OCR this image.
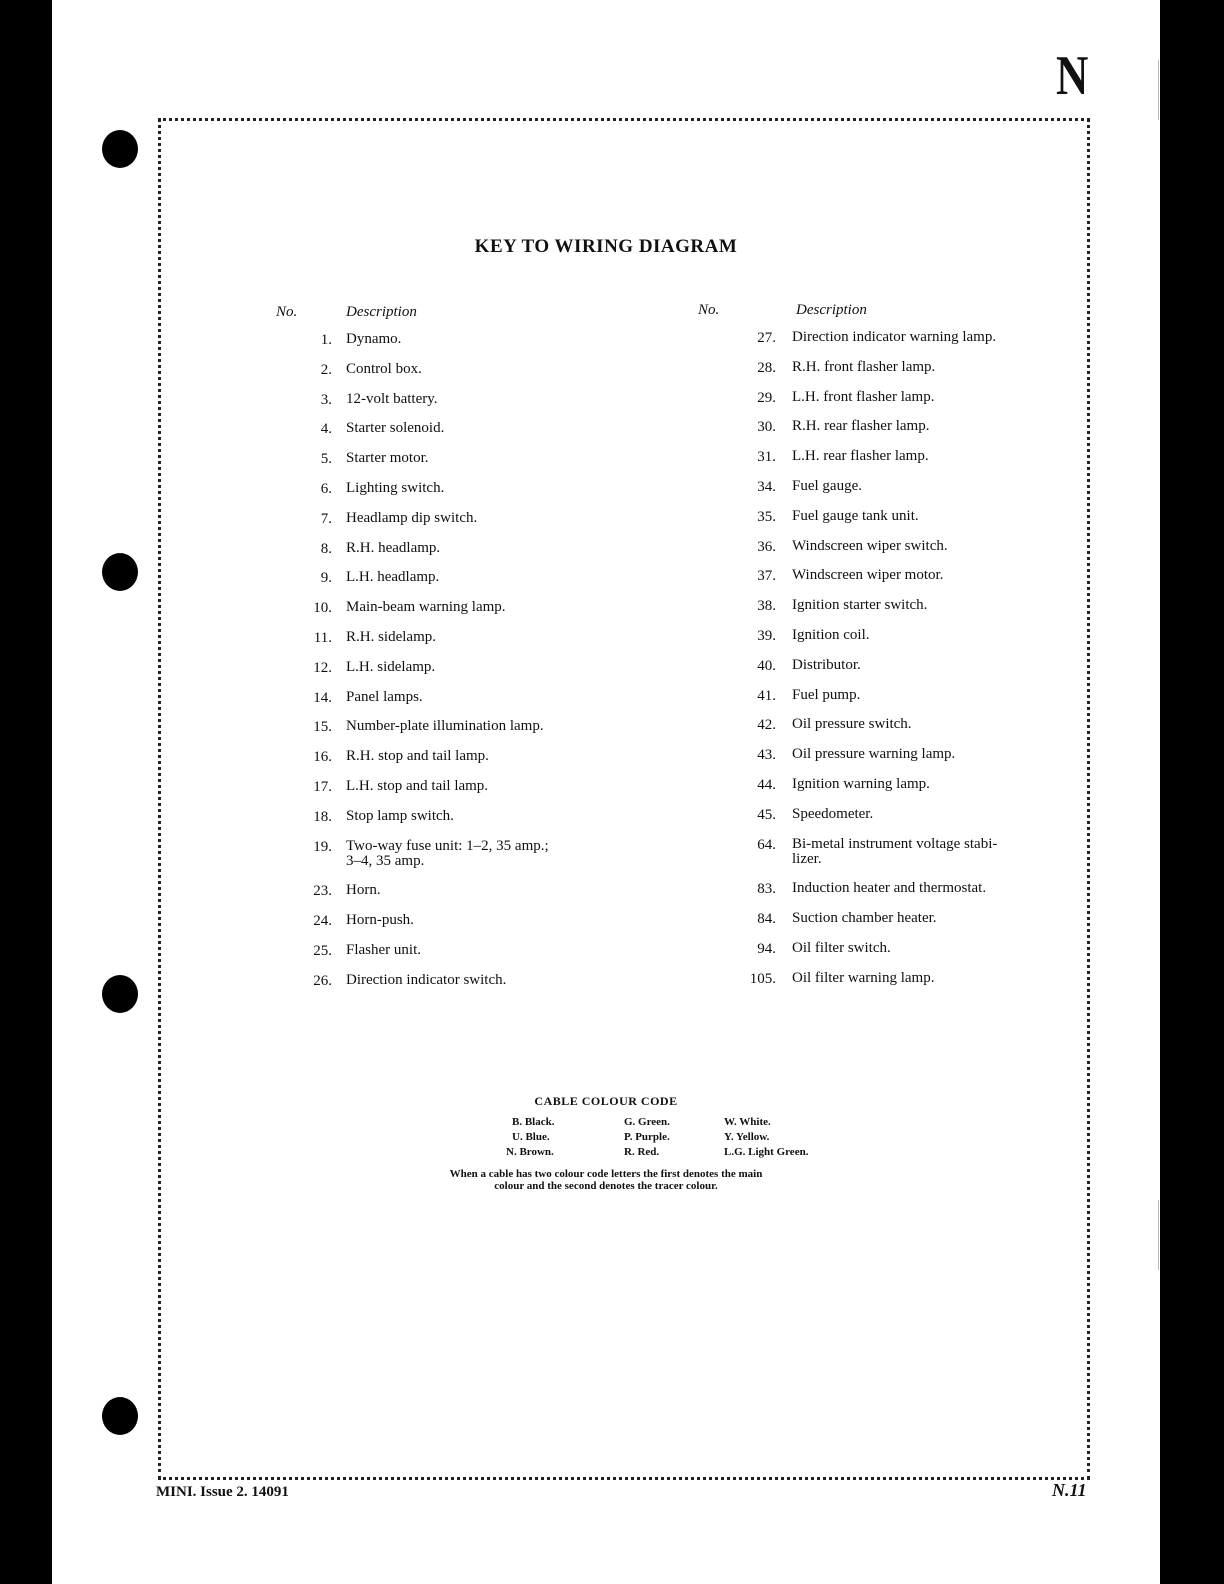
N
KEY TO WIRING DIAGRAM
No.	Description
1. Dynamo.
2. Control box.
3. 12-volt battery.
4. Starter solenoid.
5. Starter motor.
6. Lighting switch.
7. Headlamp dip switch.
8. R.H. headlamp.
9. L.H. headlamp.
10. Main-beam warning lamp.
11. R.H. sidelamp.
12. L.H. sidelamp.
14. Panel lamps.
15. Number-plate illumination lamp.
16. R.H. stop and tail lamp.
17. L.H. stop and tail lamp.
18. Stop lamp switch.
19. Two-way fuse unit: 1–2, 35 amp.;
3–4, 35 amp.
23. Horn.
24. Horn-push.
25. Flasher unit.
26. Direction indicator switch.
No.	Description
27. Direction indicator warning lamp.
28. R.H. front flasher lamp.
29. L.H. front flasher lamp.
30. R.H. rear flasher lamp.
31. L.H. rear flasher lamp.
34. Fuel gauge.
35. Fuel gauge tank unit.
36. Windscreen wiper switch.
37. Windscreen wiper motor.
38. Ignition starter switch.
39. Ignition coil.
40. Distributor.
41. Fuel pump.
42. Oil pressure switch.
43. Oil pressure warning lamp.
44. Ignition warning lamp.
45. Speedometer.
64. Bi-metal instrument voltage stabi-
lizer.
83. Induction heater and thermostat.
84. Suction chamber heater.
94. Oil filter switch.
105. Oil filter warning lamp.
CABLE COLOUR CODE
B. Black.	G. Green.	W. White.
U. Blue.	P. Purple.	Y. Yellow.
N. Brown.	R. Red.	L.G. Light Green.
When a cable has two colour code letters the first denotes the main
colour and the second denotes the tracer colour.
MINI. Issue 2. 14091	N.11
